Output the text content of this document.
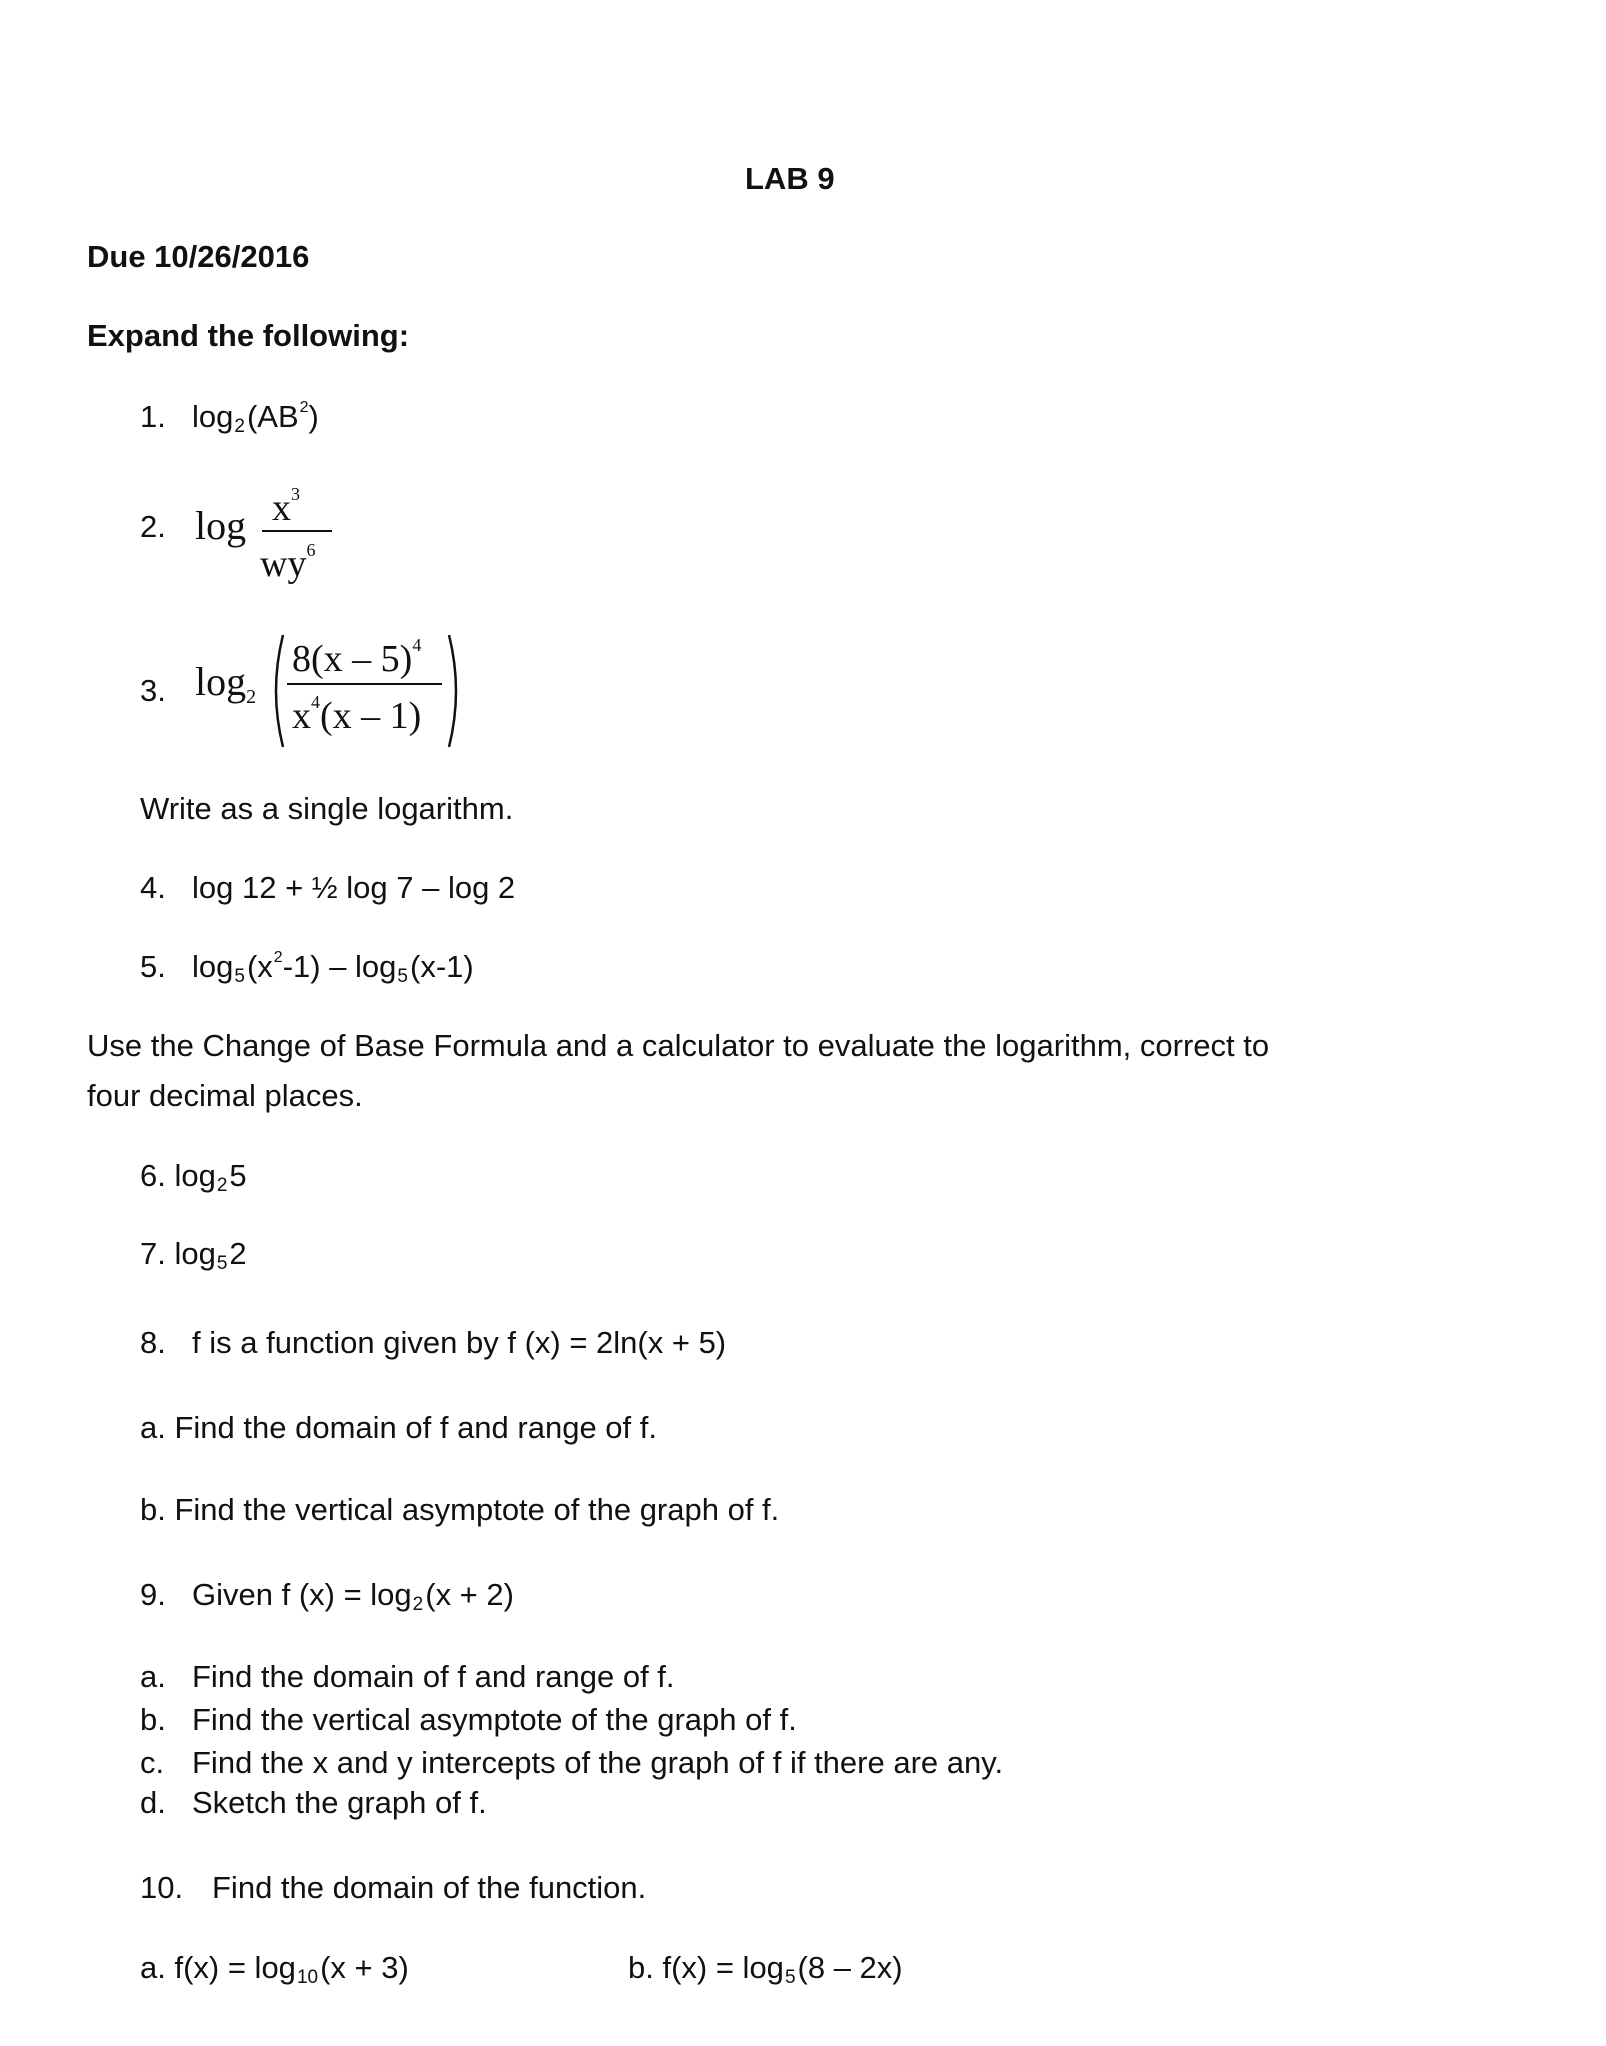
LAB 9
Due 10/26/2016
Expand the following:
1. $\log_2(AB^2)$
2. $\log x^3$
$wy^6$
3. $\log_2$
8(x – 5)$^4$
$x^4(x - 1)$
Write as a single logarithm.
4. log 12 + ½ log 7 – log 2
5. $\log_5(x^2-1) - \log_5(x-1)$
Use the Change of Base Formula and a calculator to evaluate the logarithm, correct to
four decimal places.
6. $\log_25$
7. $\log_52$
8. f is a function given by f (x) = 2ln(x + 5)
a. Find the domain of f and range of f.
b. Find the vertical asymptote of the graph of f.
9. Given f $(x) = \log_2(x + 2)$
a. Find the domain of f and range of f.
b. Find the vertical asymptote of the graph of f.
c. Find the x and y intercepts of the graph of f if there are any.
d. Sketch the graph of f.
10. Find the domain of the function.
a. $f(x) = \log_{10}(x + 3)$	b. $f(x) = \log_5(8 - 2x)$
